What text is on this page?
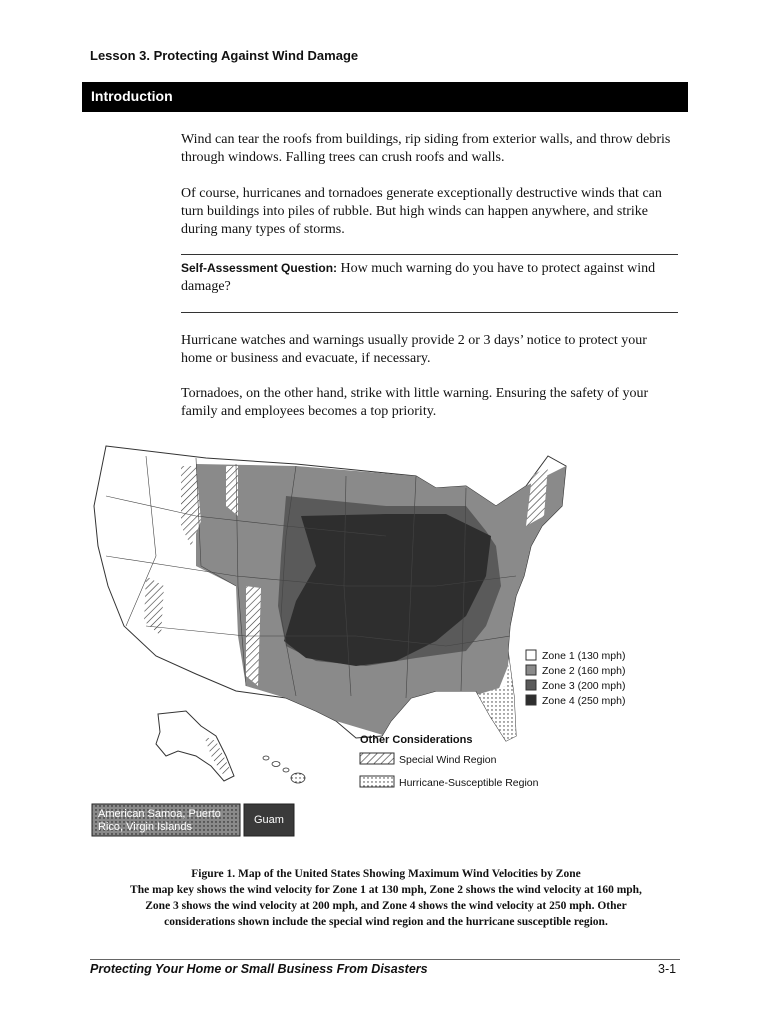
Lesson 3. Protecting Against Wind Damage
Introduction
Wind can tear the roofs from buildings, rip siding from exterior walls, and throw debris through windows. Falling trees can crush roofs and walls.
Of course, hurricanes and tornadoes generate exceptionally destructive winds that can turn buildings into piles of rubble. But high winds can happen anywhere, and strike during many types of storms.
Self-Assessment Question: How much warning do you have to protect against wind damage?
Hurricane watches and warnings usually provide 2 or 3 days’ notice to protect your home or business and evacuate, if necessary.
Tornadoes, on the other hand, strike with little warning. Ensuring the safety of your family and employees becomes a top priority.
American Samoa, Puerto
Rico, Virgin Islands
Guam
Zone 1 (130 mph)
Zone 2 (160 mph)
Zone 3 (200 mph)
Zone 4 (250 mph)
Other Considerations
Special Wind Region
Hurricane-Susceptible Region
Figure 1. Map of the United States Showing Maximum Wind Velocities by Zone
The map key shows the wind velocity for Zone 1 at 130 mph, Zone 2 shows the wind velocity at 160 mph,
Zone 3 shows the wind velocity at 200 mph, and Zone 4 shows the wind velocity at 250 mph. Other
considerations shown include the special wind region and the hurricane susceptible region.
Protecting Your Home or Small Business From Disasters	3-1
